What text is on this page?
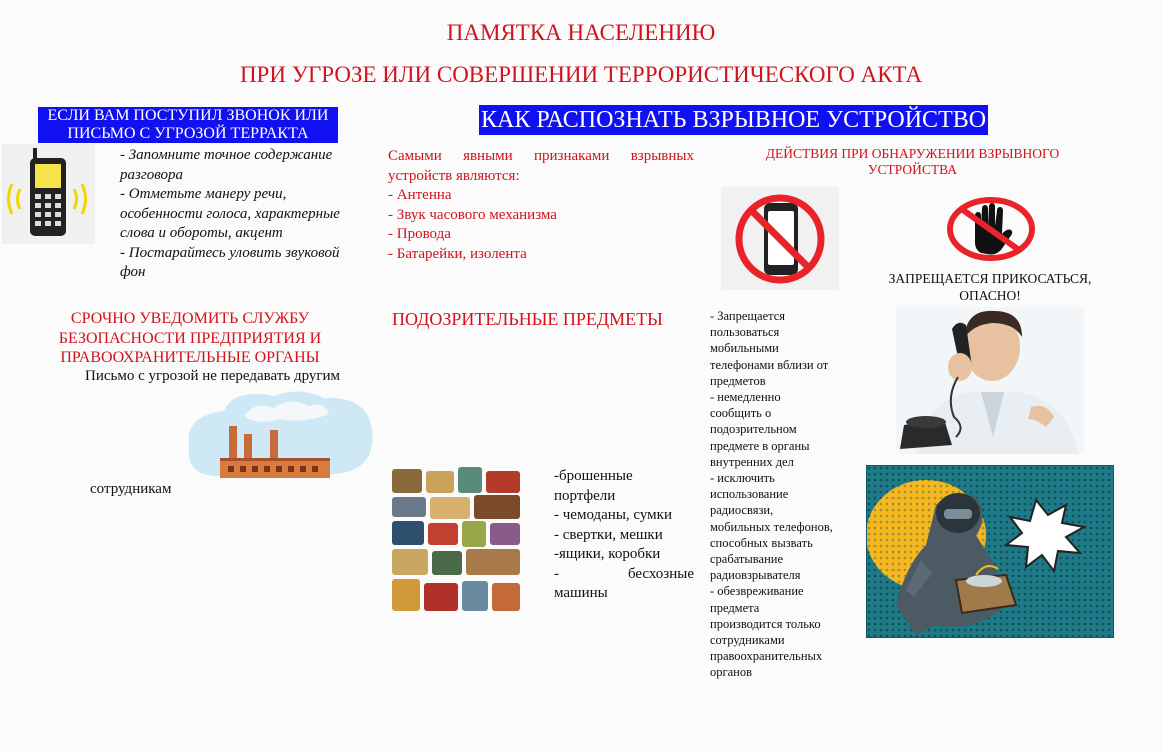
ПАМЯТКА НАСЕЛЕНИЮ
ПРИ УГРОЗЕ ИЛИ СОВЕРШЕНИИ ТЕРРОРИСТИЧЕСКОГО АКТА
ЕСЛИ ВАМ ПОСТУПИЛ ЗВОНОК ИЛИ
ПИСЬМО С УГРОЗОЙ ТЕРРАКТА
- Запомните точное содержание
разговора
- Отметьте манеру речи,
особенности голоса, характерные
слова и обороты, акцент
- Постарайтесь уловить звуковой
фон
СРОЧНО УВЕДОМИТЬ СЛУЖБУ
БЕЗОПАСНОСТИ ПРЕДПРИЯТИЯ И
ПРАВООХРАНИТЕЛЬНЫЕ ОРГАНЫ
Письмо с угрозой не передавать другим
сотрудникам
КАК РАСПОЗНАТЬ ВЗРЫВНОЕ УСТРОЙСТВО
Самыми явными признаками взрывных
устройств являются:
- Антенна
- Звук часового механизма
- Провода
- Батарейки, изолента
ПОДОЗРИТЕЛЬНЫЕ ПРЕДМЕТЫ
-брошенные
портфели
- чемоданы, сумки
- свертки, мешки
-ящики, коробки
-	бесхозные
машины
ДЕЙСТВИЯ ПРИ ОБНАРУЖЕНИИ ВЗРЫВНОГО
УСТРОЙСТВА
ЗАПРЕЩАЕТСЯ ПРИКОСАТЬСЯ,
ОПАСНО!
- Запрещается
пользоваться
мобильными
телефонами вблизи от
предметов
- немедленно
сообщить о
подозрительном
предмете в органы
внутренних дел
- исключить
использование
радиосвязи,
мобильных телефонов,
способных вызвать
срабатывание
радиовзрывателя
- обезвреживание
предмета
производится только
сотрудниками
правоохранительных
органов
